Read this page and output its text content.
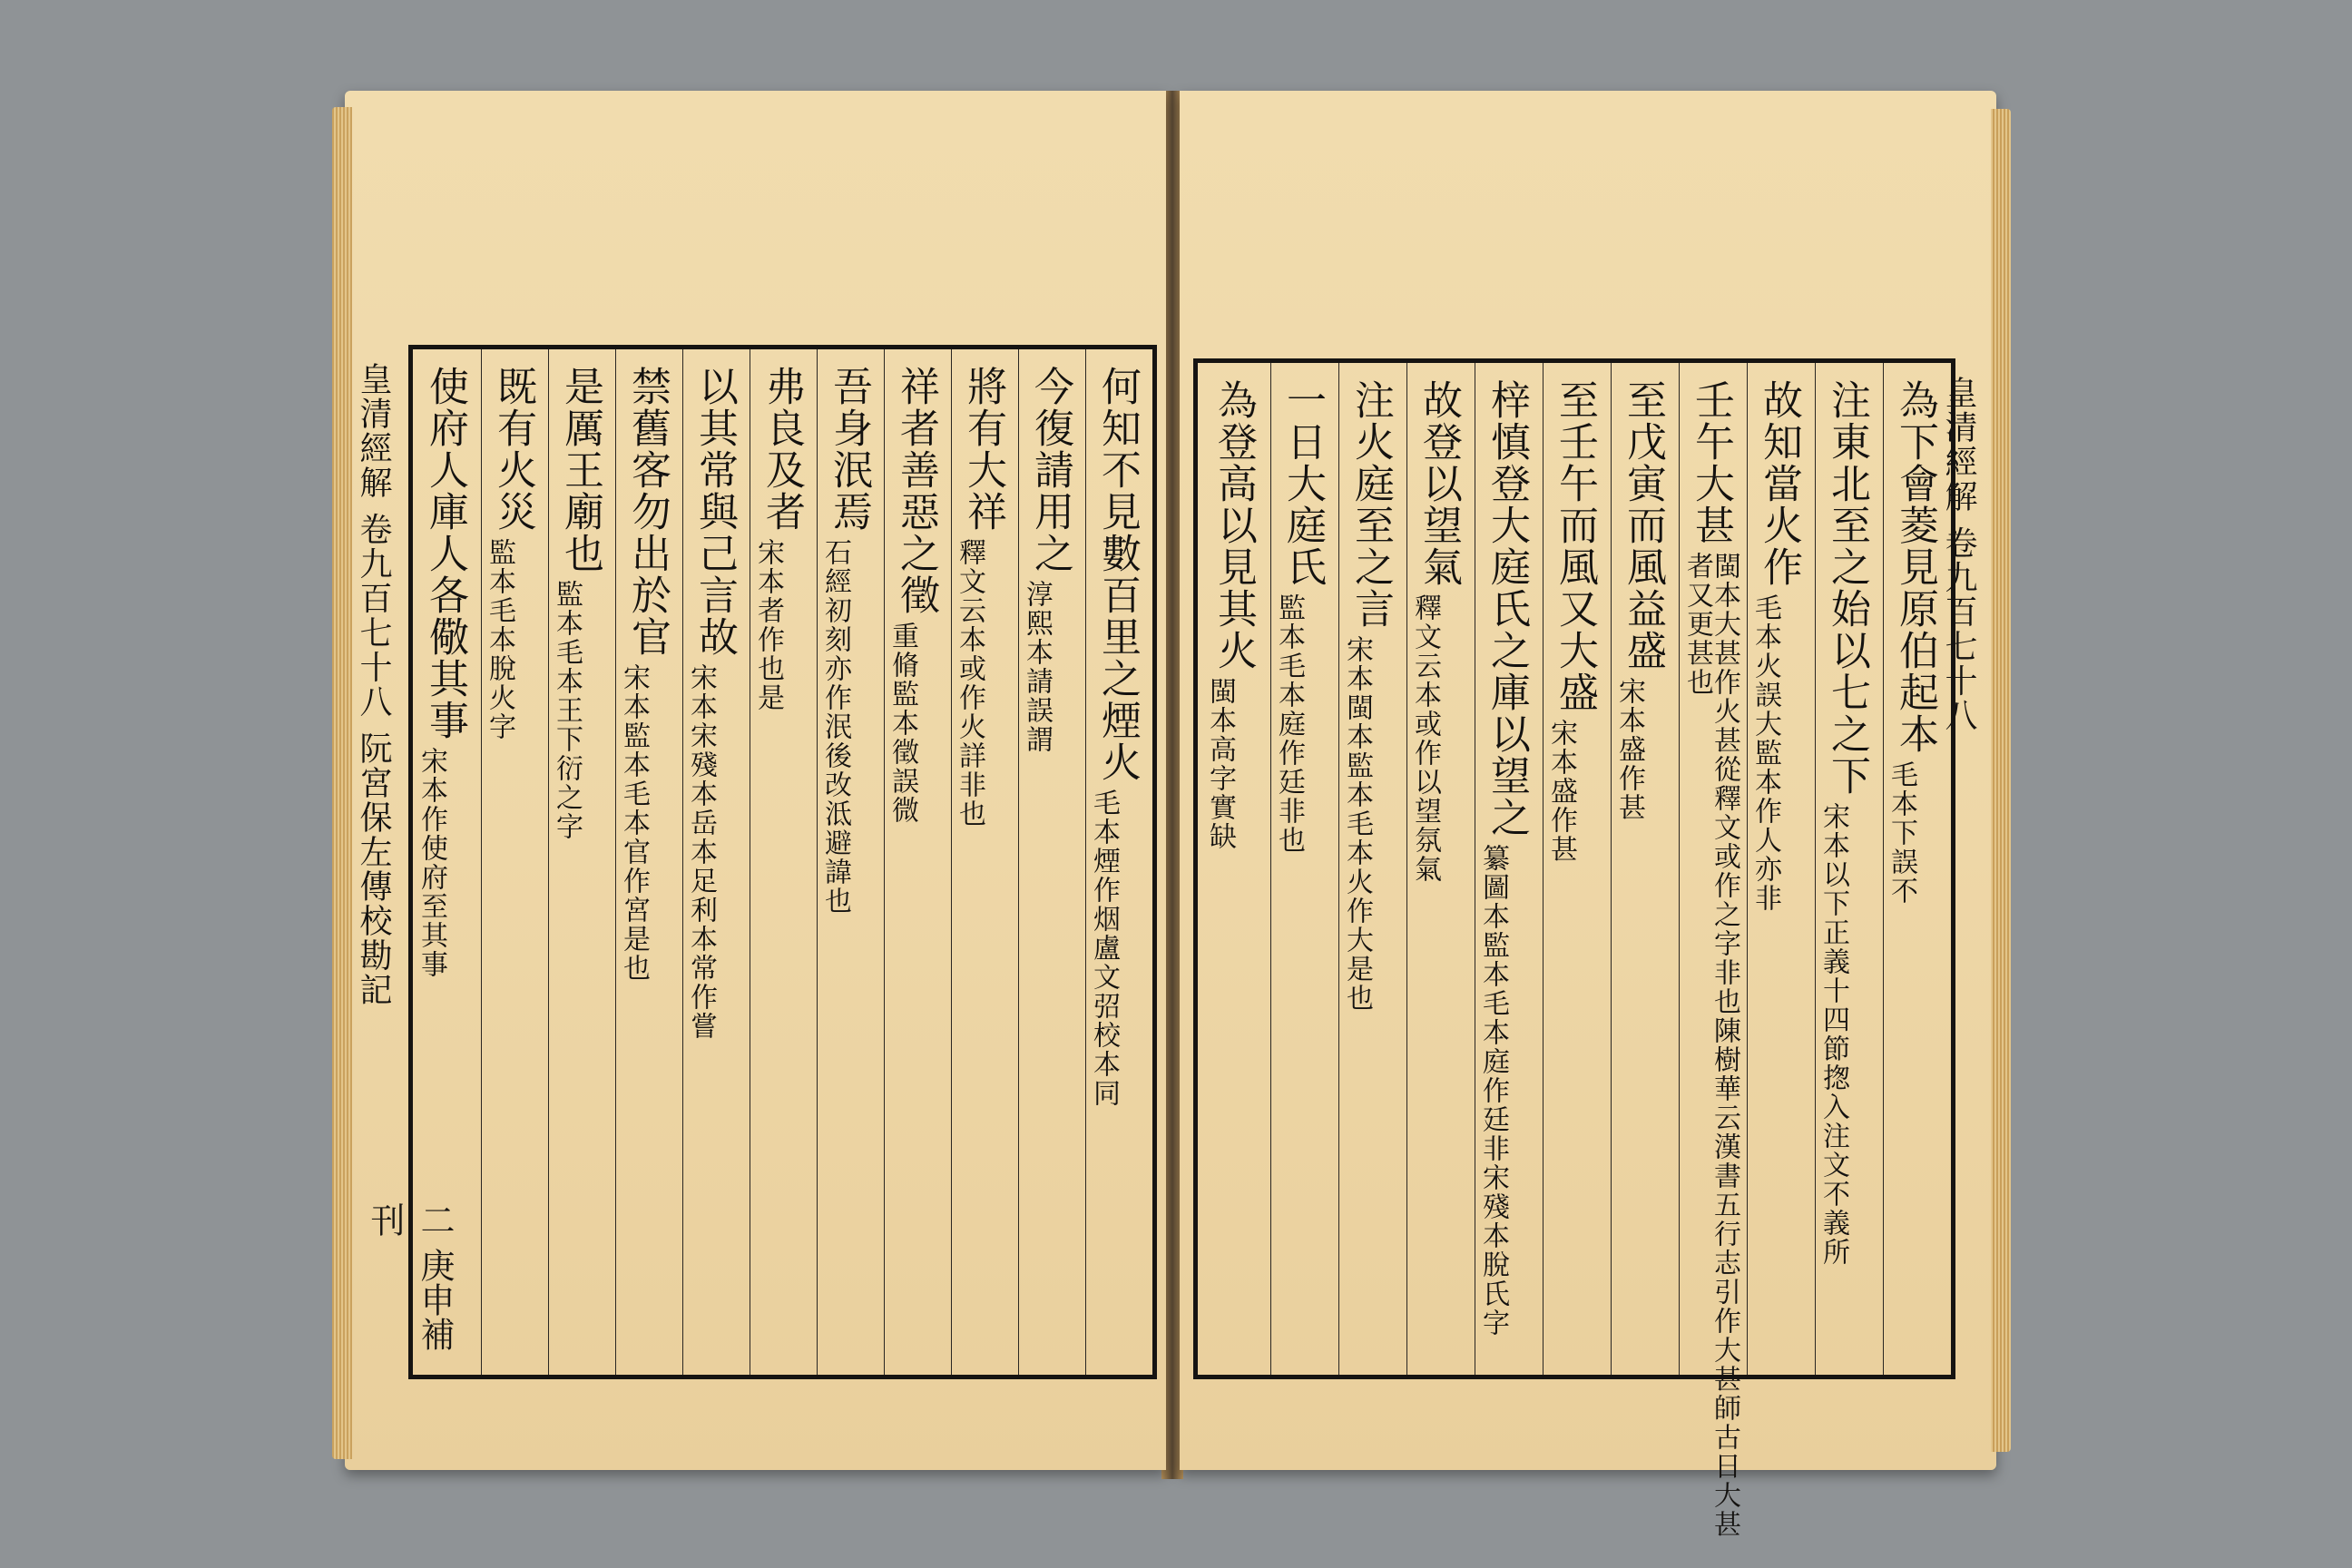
皇清經解 卷九百七十八 阮宮保左傳校勘記
二 庚申補刊
何知不見數百里之煙火
毛本煙作烟盧文弨校本同
今復請用之
淳熙本請誤謂
將有大祥
釋文云本或作火詳非也
祥者善惡之徵
重脩監本徵誤微
吾身泯焉
石經初刻亦作泯後改泜避諱也
弗良及者
宋本者作也是
以其常與己言故
宋本宋殘本岳本足利本常作嘗
禁舊客勿出於官
宋本監本毛本官作宮是也
是厲王廟也
監本毛本王下衍之字
既有火災
監本毛本脫火字
使府人庫人各儆其事
宋本作使府至其事
皇清經解 卷九百七十八
為下會菱見原伯起本
毛本下誤不
注東北至之始以七之下
宋本以下正義十四節揔入注文不義所
故知當火作
毛本火誤大監本作人亦非
壬午大甚
閩本大甚作火甚從釋文或作之字非也陳樹華云漢書五行志引作大甚師古日大甚者又更甚也
至戊寅而風益盛
宋本盛作甚
至壬午而風又大盛
宋本盛作甚
梓慎登大庭氏之庫以望之
纂圖本監本毛本庭作廷非宋殘本脫氏字
故登以望氣
釋文云本或作以望氛氣
注火庭至之言
宋本閩本監本毛本火作大是也
一日大庭氏
監本毛本庭作廷非也
為登高以見其火
閩本高字實缺
